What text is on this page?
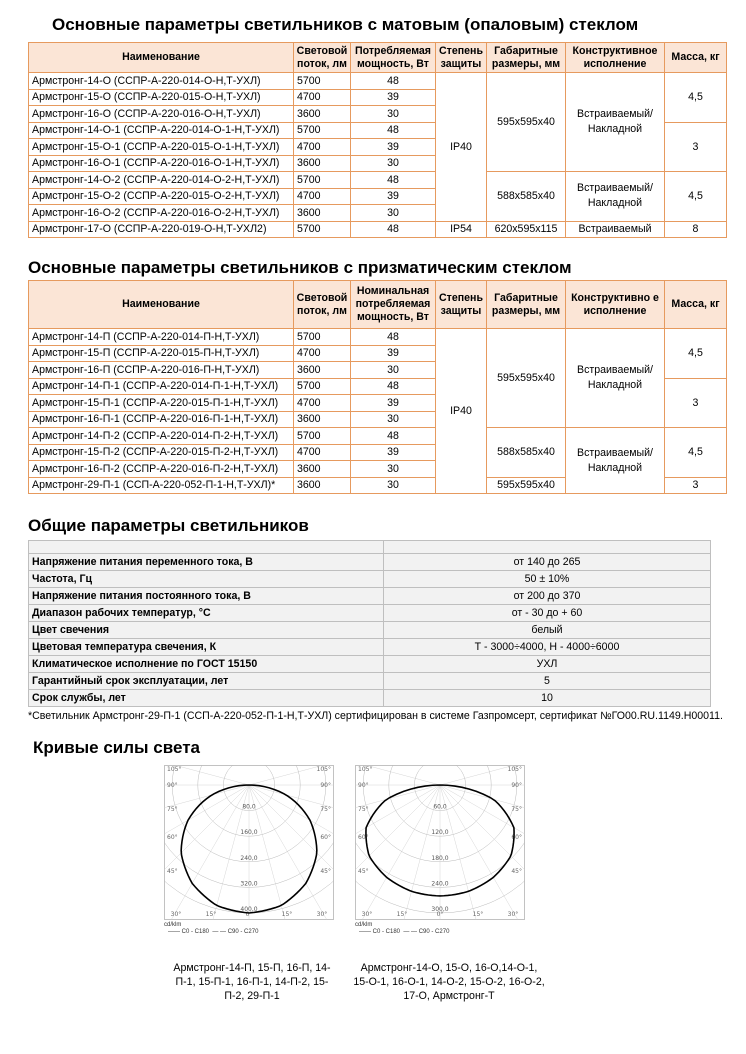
Основные параметры светильников с матовым (опаловым) стеклом
Наименование	Световой поток, лм	Потребляемая мощность, Вт	Степень защиты	Габаритные размеры, мм	Конструктивное исполнение	Масса, кг
Армстронг-14-О (ССПР-А-220-014-О-Н,Т-УХЛ)	5700	48	IP40	595x595x40	Встраиваемый/ Накладной	4,5
Армстронг-15-О (ССПР-А-220-015-О-Н,Т-УХЛ)	4700	39				
Армстронг-16-О (ССПР-А-220-016-О-Н,Т-УХЛ)	3600	30				
Армстронг-14-О-1 (ССПР-А-220-014-О-1-Н,Т-УХЛ)	5700	48				3
Армстронг-15-О-1 (ССПР-А-220-015-О-1-Н,Т-УХЛ)	4700	39				
Армстронг-16-О-1 (ССПР-А-220-016-О-1-Н,Т-УХЛ)	3600	30				
Армстронг-14-О-2 (ССПР-А-220-014-О-2-Н,Т-УХЛ)	5700	48		588x585x40	Встраиваемый/ Накладной	4,5
Армстронг-15-О-2 (ССПР-А-220-015-О-2-Н,Т-УХЛ)	4700	39				
Армстронг-16-О-2 (ССПР-А-220-016-О-2-Н,Т-УХЛ)	3600	30				
Армстронг-17-О (ССПР-А-220-019-О-Н,Т-УХЛ2)	5700	48	IP54	620x595x115	Встраиваемый	8
Основные параметры светильников с призматическим стеклом
Наименование	Световой поток, лм	Номинальная потребляемая мощность, Вт	Степень защиты	Габаритные размеры, мм	Конструктивно е исполнение	Масса, кг
Армстронг-14-П (ССПР-А-220-014-П-Н,Т-УХЛ)	5700	48	IP40	595x595x40	Встраиваемый/ Накладной	4,5
Армстронг-15-П (ССПР-А-220-015-П-Н,Т-УХЛ)	4700	39				
Армстронг-16-П (ССПР-А-220-016-П-Н,Т-УХЛ)	3600	30				
Армстронг-14-П-1 (ССПР-А-220-014-П-1-Н,Т-УХЛ)	5700	48				3
Армстронг-15-П-1 (ССПР-А-220-015-П-1-Н,Т-УХЛ)	4700	39				
Армстронг-16-П-1 (ССПР-А-220-016-П-1-Н,Т-УХЛ)	3600	30				
Армстронг-14-П-2 (ССПР-А-220-014-П-2-Н,Т-УХЛ)	5700	48		588x585x40	Встраиваемый/ Накладной	4,5
Армстронг-15-П-2 (ССПР-А-220-015-П-2-Н,Т-УХЛ)	4700	39				
Армстронг-16-П-2 (ССПР-А-220-016-П-2-Н,Т-УХЛ)	3600	30				
Армстронг-29-П-1 (ССП-А-220-052-П-1-Н,Т-УХЛ)*	3600	30		595x595x40		3
Общие параметры светильников

Напряжение питания переменного тока, В	от 140 до 265
Частота, Гц	50 ± 10%
Напряжение питания постоянного тока, В	от 200 до 370
Диапазон рабочих температур, °С	от - 30 до + 60
Цвет свечения	белый
Цветовая температура свечения, К	Т - 3000÷4000, Н - 4000÷6000
Климатическое исполнение по ГОСТ 15150	УХЛ
Гарантийный срок эксплуатации, лет	5
Срок службы, лет	10
*Светильник Армстронг-29-П-1 (ССП-А-220-052-П-1-Н,Т-УХЛ) сертифицирован в системе Газпромсерт, сертификат №ГО00.RU.1149.Н00011.
Кривые силы света
80,0
160,0
240,0
320,0
400,0
105°	105°
90°	90°
75°	75°
60°	60°
45°	45°
30°	15°	0°	15°	30°
cd/klm
—— C0 - C180 — — C90 - C270
60,0
120,0
180,0
240,0
300,0
105°	105°
90°	90°
75°	75°
60°	60°
45°	45°
30°	15°	0°	15°	30°
cd/klm
—— C0 - C180 — — C90 - C270
Армстронг-14-П, 15-П, 16-П, 14-П-1, 15-П-1, 16-П-1, 14-П-2, 15-П-2, 29-П-1
Армстронг-14-О, 15-О, 16-О,14-О-1, 15-О-1, 16-О-1, 14-О-2, 15-О-2, 16-О-2, 17-О, Армстронг-Т
